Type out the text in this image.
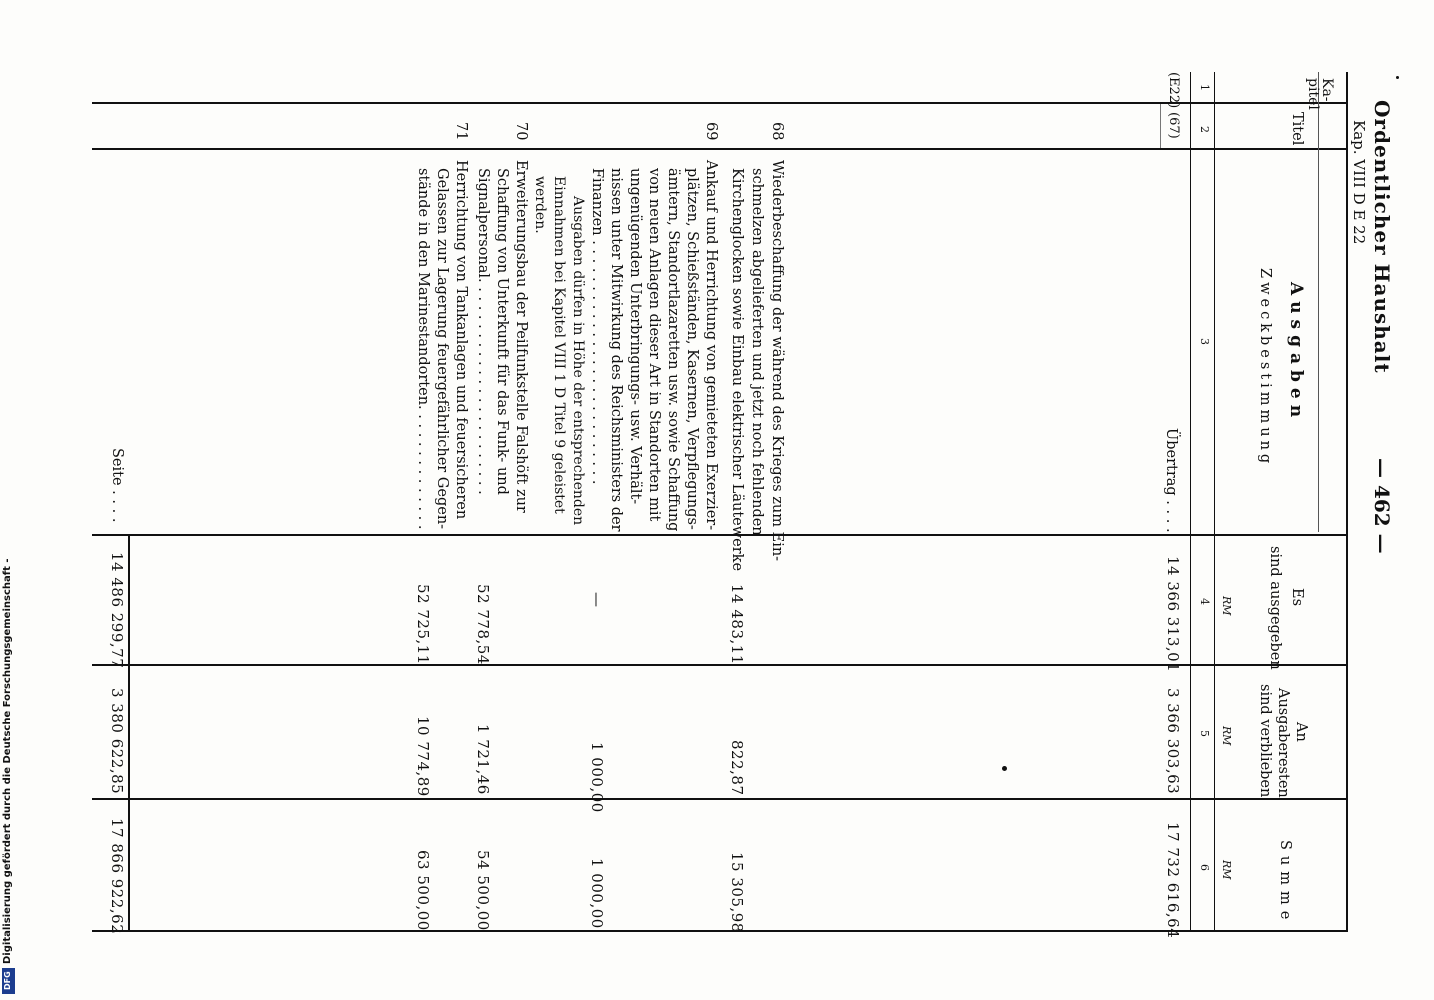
Ordentlicher Haushalt
Kap. VIII D E 22
— 462 —
Ka-
pitel
1
Titel
2
Ausgaben
Zweckbestimmung
3
Es
sind ausgegeben
RM
4
An
Ausgaberesten
sind verblieben
RM
5
Summe
RM
6
(E22)
(67)
Übertrag . . . .
14 366 313,01
3 366 303,63
17 732 616,64
68
Wiederbeschaffung der während des Krieges zum Ein-
schmelzen abgelieferten und jetzt noch fehlenden
Kirchenglocken sowie Einbau elektrischer Läutewerke
14 483,11
822,87
15 305,98
69
Ankauf und Herrichtung von gemieteten Exerzier-
plätzen, Schießständen, Kasernen, Verpflegungs-
ämtern, Standortlazaretten usw. sowie Schaffung
von neuen Anlagen dieser Art in Standorten mit
ungenügenden Unterbringungs- usw. Verhält-
nissen unter Mitwirkung des Reichsministers der
Finanzen . . . . . . . . . . . . . . . . . . . . . . . . . . .
Ausgaben dürfen in Höhe der entsprechenden
Einnahmen bei Kapitel VIII 1 D Titel 9 geleistet
werden.
—
1 000,00
1 000,00
70
Erweiterungsbau der Peilfunkstelle Falshöft zur
Schaffung von Unterkunft für das Funk- und
Signalpersonal. . . . . . . . . . . . . . . . . . . . . . . .
52 778,54
1 721,46
54 500,00
71
Herrichtung von Tankanlagen und feuersicheren
Gelassen zur Lagerung feuergefährlicher Gegen-
stände in den Marinestandorten. . . . . . . . . . . . . .
52 725,11
10 774,89
63 500,00
Seite . . . .
14 486 299,77
3 380 622,85
17 866 922,62
Digitalisierung gefördert durch die Deutsche Forschungsgemeinschaft -
DFG
